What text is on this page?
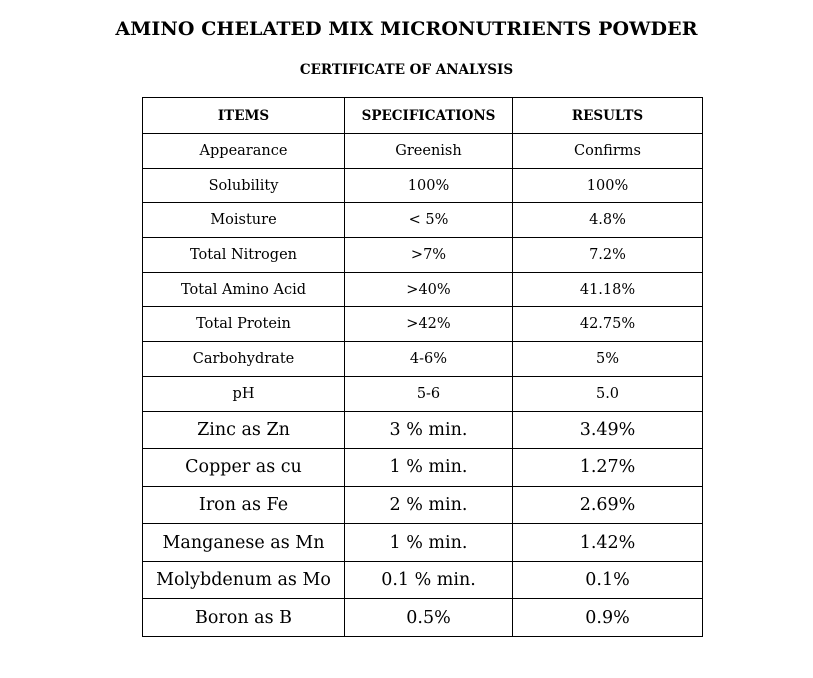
AMINO CHELATED MIX MICRONUTRIENTS POWDER
CERTIFICATE OF ANALYSIS
ITEMS	SPECIFICATIONS	RESULTS
Appearance	Greenish	Confirms
Solubility	100%	100%
Moisture	< 5%	4.8%
Total Nitrogen	>7%	7.2%
Total Amino Acid	>40%	41.18%
Total Protein	>42%	42.75%
Carbohydrate	4-6%	5%
pH	5-6	5.0
Zinc as Zn	3 % min.	3.49%
Copper as cu	1 % min.	1.27%
Iron as Fe	2 % min.	2.69%
Manganese as Mn	1 % min.	1.42%
Molybdenum as Mo	0.1 % min.	0.1%
Boron as B	0.5%	0.9%
